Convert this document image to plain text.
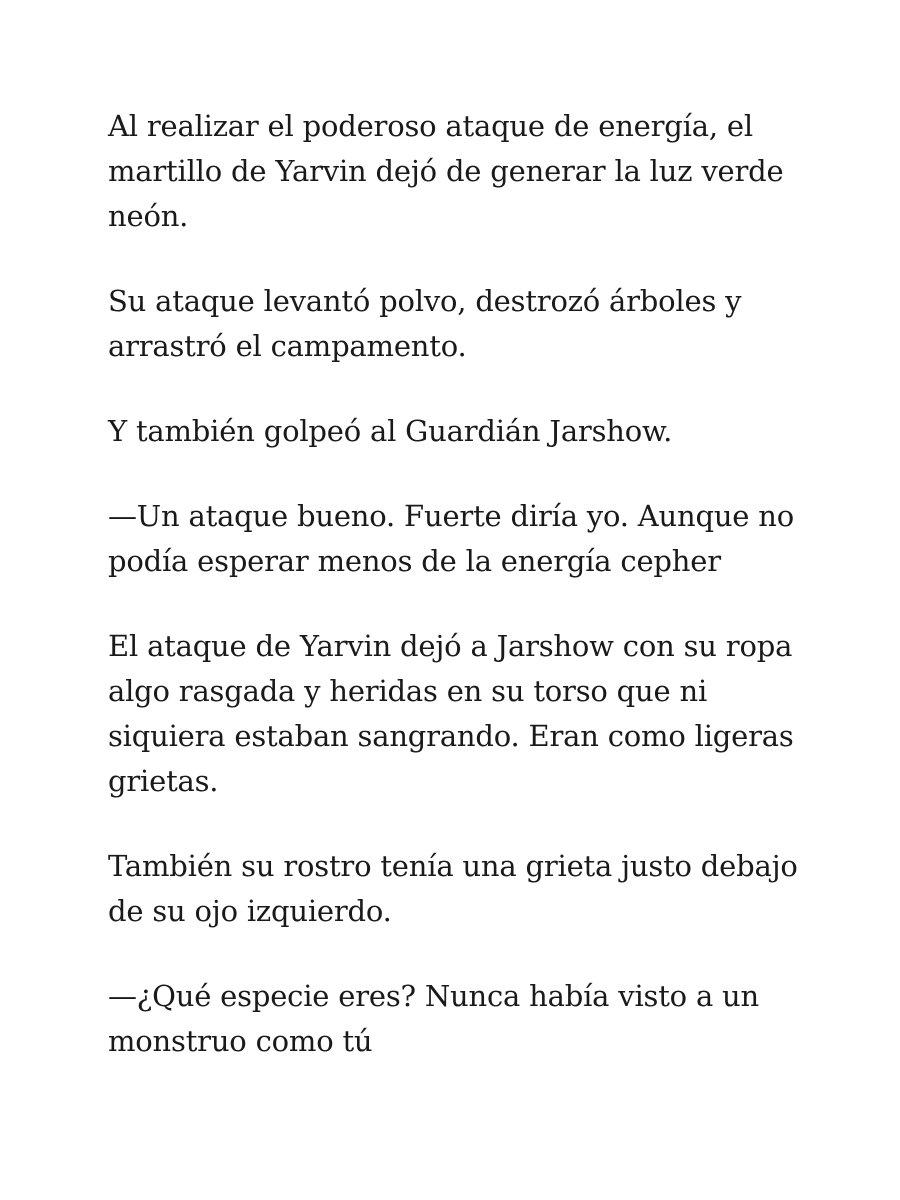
Al realizar el poderoso ataque de energía, el
martillo de Yarvin dejó de generar la luz verde
neón.

Su ataque levantó polvo, destrozó árboles y
arrastró el campamento.

Y también golpeó al Guardián Jarshow.

—Un ataque bueno. Fuerte diría yo. Aunque no
podía esperar menos de la energía cepher

El ataque de Yarvin dejó a Jarshow con su ropa
algo rasgada y heridas en su torso que ni
siquiera estaban sangrando. Eran como ligeras
grietas.

También su rostro tenía una grieta justo debajo
de su ojo izquierdo.

—¿Qué especie eres? Nunca había visto a un
monstruo como tú
